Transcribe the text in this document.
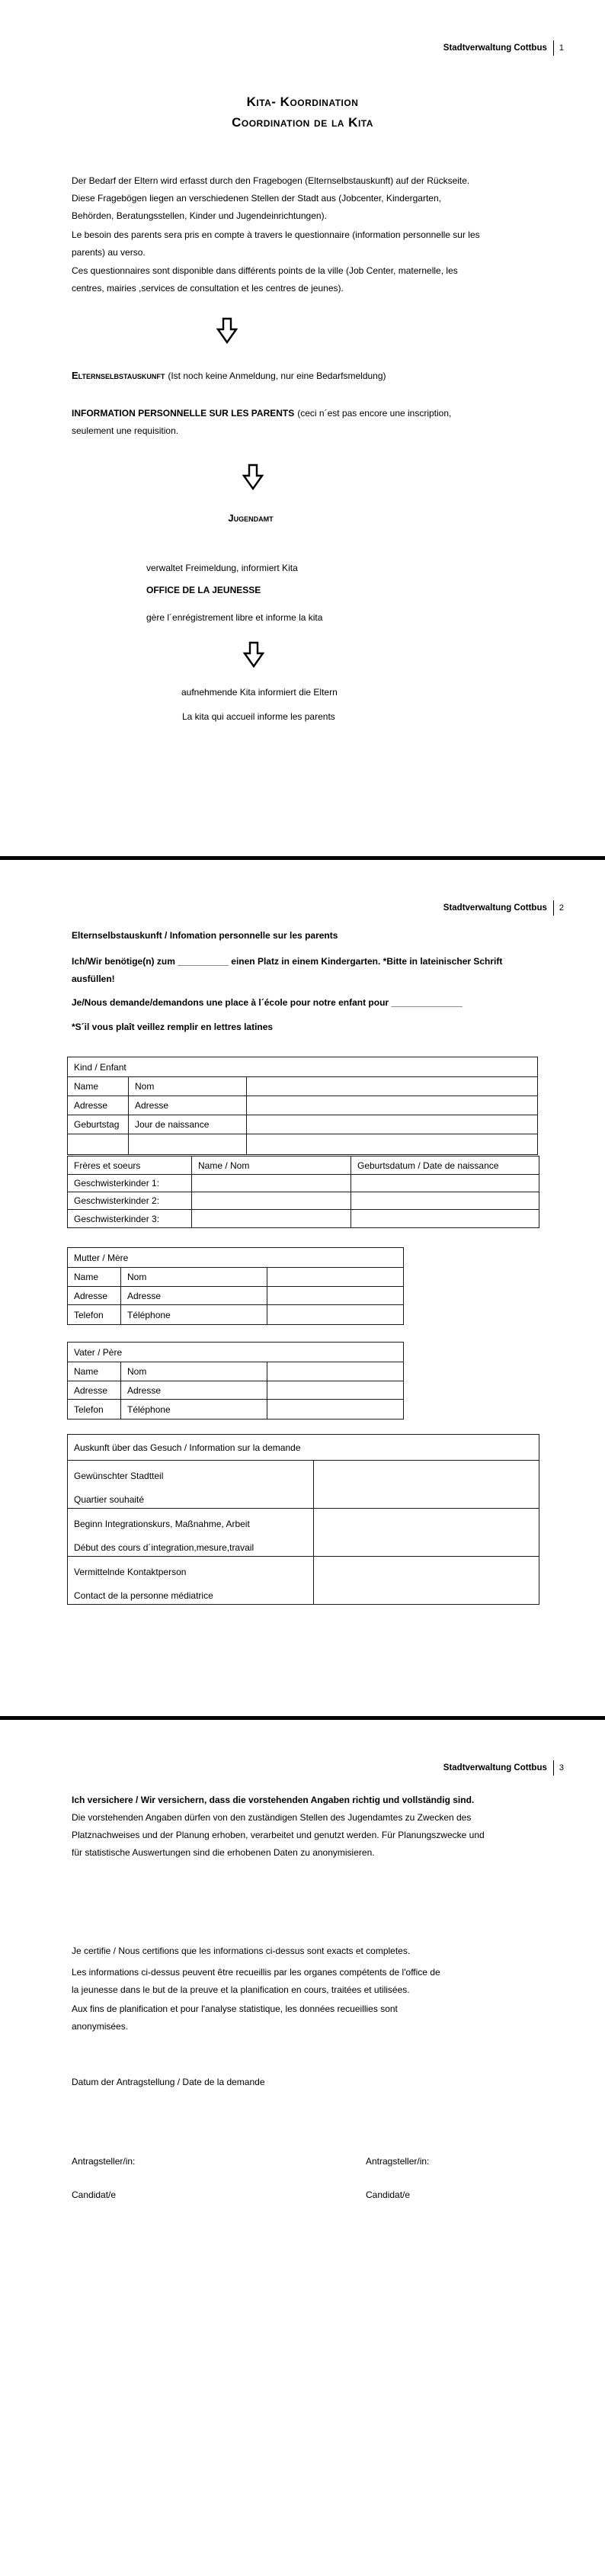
Stadtverwaltung Cottbus 1
Kita- Koordination
Coordination de la Kita
Der Bedarf der Eltern wird erfasst durch den Fragebogen (Elternselbstauskunft) auf der Rückseite.
Diese Fragebögen liegen an verschiedenen Stellen der Stadt aus (Jobcenter, Kindergarten,
Behörden, Beratungsstellen, Kinder und Jugendeinrichtungen).
Le besoin des parents sera pris en compte à travers le questionnaire (information personnelle sur les
parents) au verso.
Ces questionnaires sont disponible dans différents points de la ville (Job Center, maternelle, les
centres, mairies ,services de consultation et les centres de jeunes).
Elternselbstauskunft (Ist noch keine Anmeldung, nur eine Bedarfsmeldung)
INFORMATION PERSONNELLE SUR LES PARENTS (ceci n´est pas encore une inscription,
seulement une requisition.
Jugendamt
verwaltet Freimeldung, informiert Kita
OFFICE DE LA JEUNESSE
gère l´enrégistrement libre et informe la kita
aufnehmende Kita informiert die Eltern
La kita qui accueil informe les parents
Stadtverwaltung Cottbus 2
Elternselbstauskunft / Infomation personnelle sur les parents
Ich/Wir benötige(n) zum __________ einen Platz in einem Kindergarten. *Bitte in lateinischer Schrift
ausfüllen!
Je/Nous demande/demandons une place à l´école pour notre enfant pour ______________
*S´il vous plaît veillez remplir en lettres latines
Kind / Enfant		
Name	Nom	
Adresse	Adresse	
Geburtstag	Jour de naissance	

Frères et soeurs	Name / Nom	Geburtsdatum / Date de naissance
Geschwisterkinder 1:		
Geschwisterkinder 2:		
Geschwisterkinder 3:		
Mutter / Mère		
Name	Nom	
Adresse	Adresse	
Telefon	Téléphone	
Vater / Père		
Name	Nom	
Adresse	Adresse	
Telefon	Téléphone	
Auskunft über das Gesuch / Information sur la demande	

Gewünschter Stadtteil
Quartier souhaité	

Beginn Integrationskurs, Maßnahme, Arbeit
Début des cours d´integration,mesure,travail	

Vermittelnde Kontaktperson
Contact de la personne médiatrice	

Stadtverwaltung Cottbus 3
Ich versichere / Wir versichern, dass die vorstehenden Angaben richtig und vollständig sind.
Die vorstehenden Angaben dürfen von den zuständigen Stellen des Jugendamtes zu Zwecken des
Platznachweises und der Planung erhoben, verarbeitet und genutzt werden. Für Planungszwecke und
für statistische Auswertungen sind die erhobenen Daten zu anonymisieren.
Je certifie / Nous certifions que les informations ci-dessus sont exacts et completes.
Les informations ci-dessus peuvent être recueillis par les organes compétents de l'office de
la jeunesse dans le but de la preuve et la planification en cours, traitées et utilisées.
Aux fins de planification et pour l'analyse statistique, les données recueillies sont
anonymisées.
Datum der Antragstellung / Date de la demande
Antragsteller/in:	Antragsteller/in:
Candidat/e	Candidat/e
